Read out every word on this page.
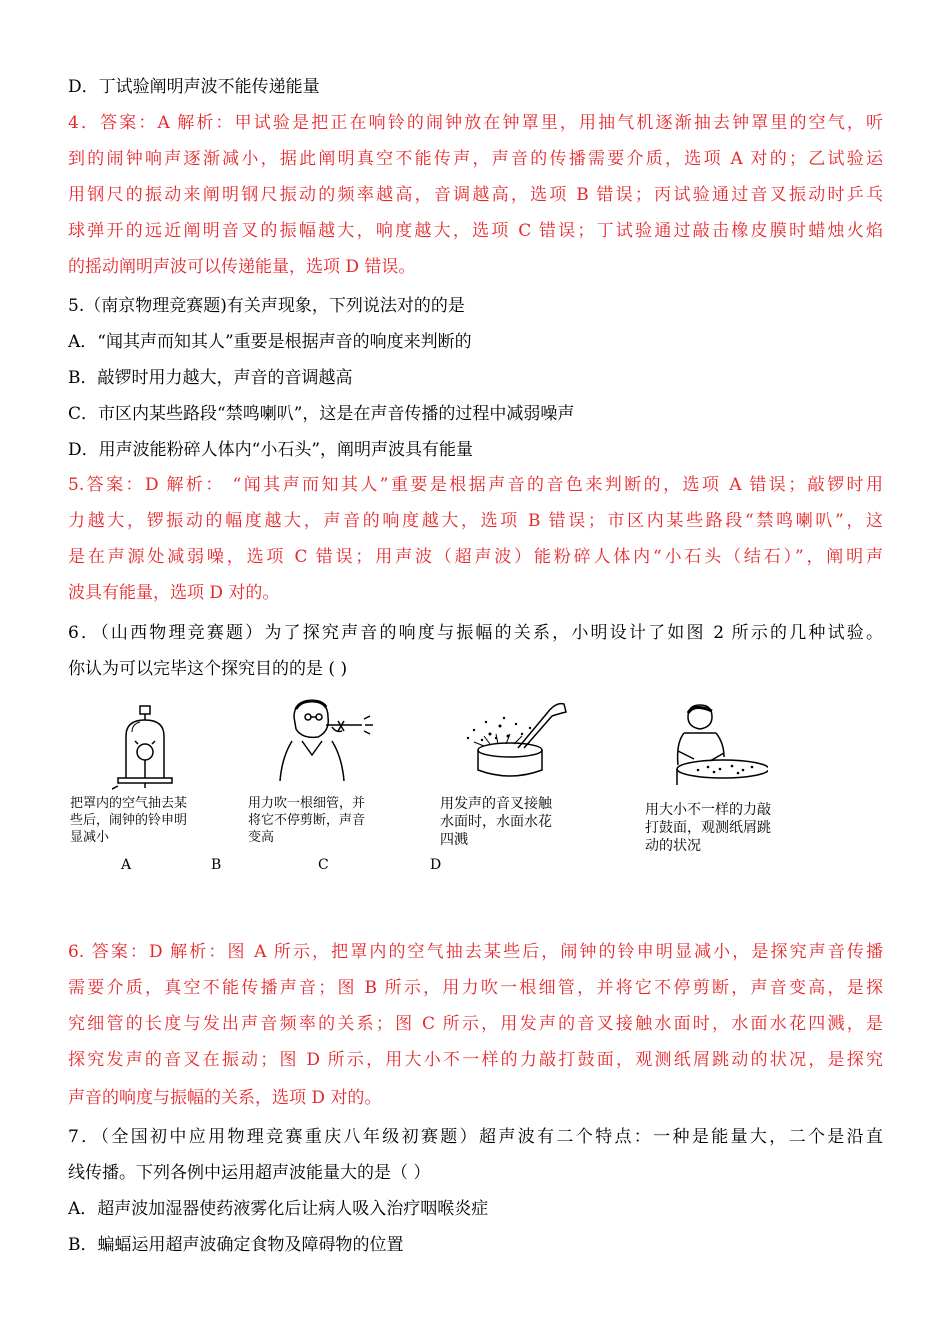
D．丁试验阐明声波不能传递能量
4．答案：A 解析：甲试验是把正在响铃的闹钟放在钟罩里，用抽气机逐渐抽去钟罩里的空气，听
到的闹钟响声逐渐减小，据此阐明真空不能传声，声音的传播需要介质，选项 A 对的；乙试验运
用钢尺的振动来阐明钢尺振动的频率越高，音调越高，选项 B 错误；丙试验通过音叉振动时乒乓
球弹开的远近阐明音叉的振幅越大，响度越大，选项 C 错误；丁试验通过敲击橡皮膜时蜡烛火焰
的摇动阐明声波可以传递能量，选项 D 错误。
5.（南京物理竞赛题)有关声现象，下列说法对的的是
A．“闻其声而知其人”重要是根据声音的响度来判断的
B．敲锣时用力越大，声音的音调越高
C．市区内某些路段“禁鸣喇叭”，这是在声音传播的过程中减弱噪声
D．用声波能粉碎人体内“小石头”，阐明声波具有能量
5.答案：D 解析： “闻其声而知其人”重要是根据声音的音色来判断的，选项 A 错误；敲锣时用
力越大，锣振动的幅度越大，声音的响度越大，选项 B 错误；市区内某些路段“禁鸣喇叭”，这
是在声源处减弱噪，选项 C 错误；用声波（超声波）能粉碎人体内“小石头（结石）”，阐明声
波具有能量，选项 D 对的。
6．（山西物理竞赛题）为了探究声音的响度与振幅的关系，小明设计了如图 2 所示的几种试验。
你认为可以完毕这个探究目的的是 ( )
把罩内的空气抽去某
些后，闹钟的铃申明
显减小
用力吹一根细管，并
将它不停剪断，声音
变高
用发声的音叉接触
水面时，水面水花
四溅
用大小不一样的力敲
打鼓面，观测纸屑跳
动的状况
A	B	C	D
6. 答案：D 解析：图 A 所示，把罩内的空气抽去某些后，闹钟的铃申明显减小，是探究声音传播
需要介质，真空不能传播声音；图 B 所示，用力吹一根细管，并将它不停剪断，声音变高，是探
究细管的长度与发出声音频率的关系；图 C 所示，用发声的音叉接触水面时，水面水花四溅，是
探究发声的音叉在振动；图 D 所示，用大小不一样的力敲打鼓面，观测纸屑跳动的状况，是探究
声音的响度与振幅的关系，选项 D 对的。
7．（全国初中应用物理竞赛重庆八年级初赛题）超声波有二个特点：一种是能量大，二个是沿直
线传播。下列各例中运用超声波能量大的是（ ）
A．超声波加湿器使药液雾化后让病人吸入治疗咽喉炎症
B．蝙蝠运用超声波确定食物及障碍物的位置
